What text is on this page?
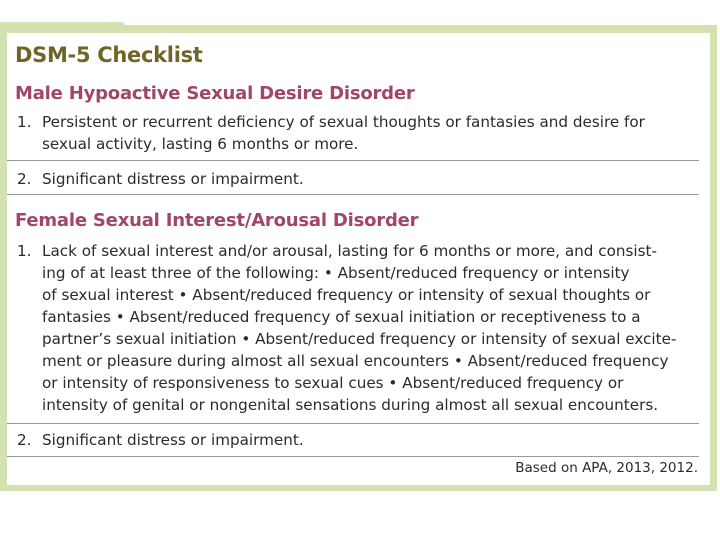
DSM-5 Checklist
Male Hypoactive Sexual Desire Disorder
1. Persistent or recurrent deficiency of sexual thoughts or fantasies and desire for
sexual activity, lasting 6 months or more.
2. Significant distress or impairment.
Female Sexual Interest/Arousal Disorder
1. Lack of sexual interest and/or arousal, lasting for 6 months or more, and consist-
ing of at least three of the following: • Absent/reduced frequency or intensity
of sexual interest • Absent/reduced frequency or intensity of sexual thoughts or
fantasies • Absent/reduced frequency of sexual initiation or receptiveness to a
partner’s sexual initiation • Absent/reduced frequency or intensity of sexual excite-
ment or pleasure during almost all sexual encounters • Absent/reduced frequency
or intensity of responsiveness to sexual cues • Absent/reduced frequency or
intensity of genital or nongenital sensations during almost all sexual encounters.
2. Significant distress or impairment.
Based on APA, 2013, 2012.
